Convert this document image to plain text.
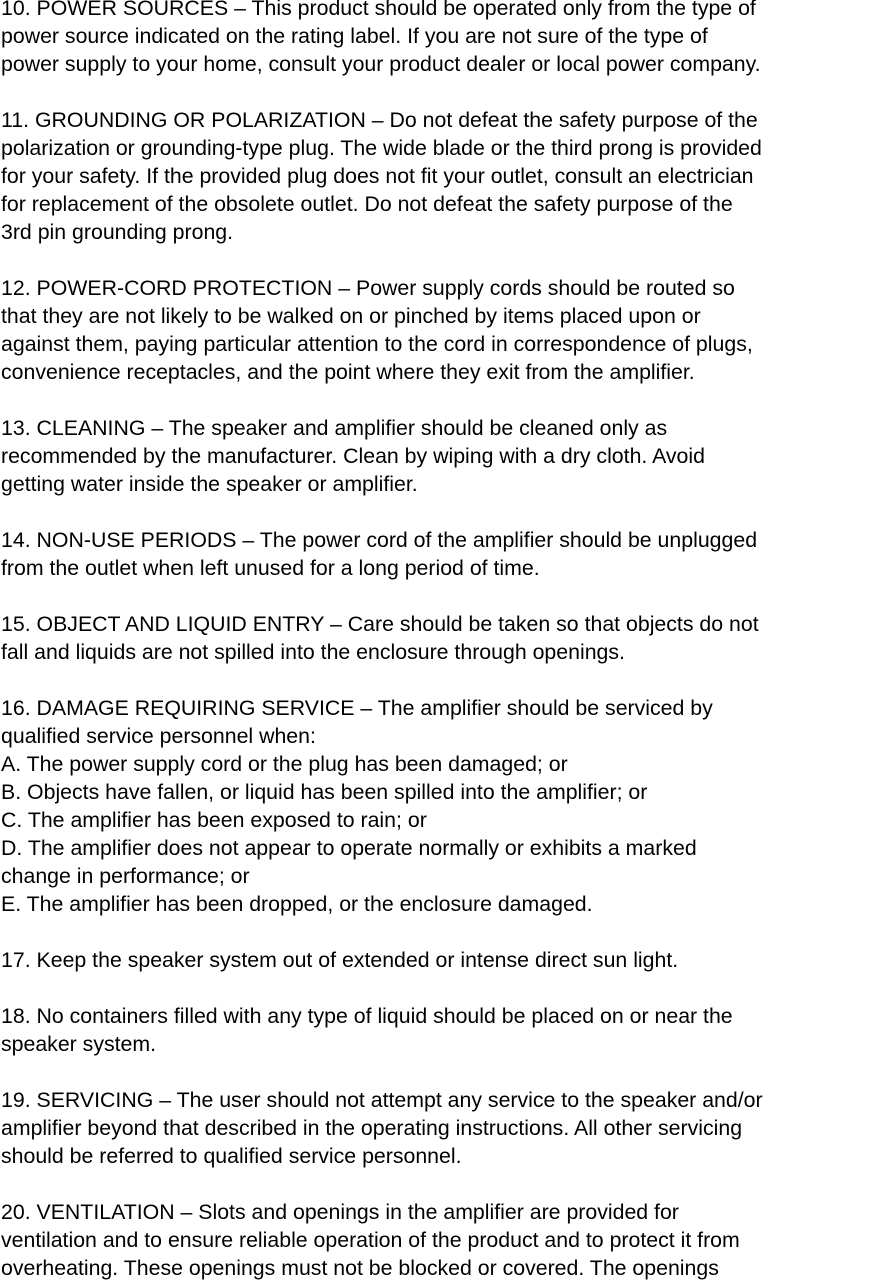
10. POWER SOURCES – This product should be operated only from the type of
power source indicated on the rating label. If you are not sure of the type of
power supply to your home, consult your product dealer or local power company.
11. GROUNDING OR POLARIZATION – Do not defeat the safety purpose of the
polarization or grounding-type plug. The wide blade or the third prong is provided
for your safety. If the provided plug does not fit your outlet, consult an electrician
for replacement of the obsolete outlet. Do not defeat the safety purpose of the
3rd pin grounding prong.
12. POWER-CORD PROTECTION – Power supply cords should be routed so
that they are not likely to be walked on or pinched by items placed upon or
against them, paying particular attention to the cord in correspondence of plugs,
convenience receptacles, and the point where they exit from the amplifier.
13. CLEANING – The speaker and amplifier should be cleaned only as
recommended by the manufacturer. Clean by wiping with a dry cloth. Avoid
getting water inside the speaker or amplifier.
14. NON-USE PERIODS – The power cord of the amplifier should be unplugged
from the outlet when left unused for a long period of time.
15. OBJECT AND LIQUID ENTRY – Care should be taken so that objects do not
fall and liquids are not spilled into the enclosure through openings.
16. DAMAGE REQUIRING SERVICE – The amplifier should be serviced by
qualified service personnel when:
A. The power supply cord or the plug has been damaged; or
B. Objects have fallen, or liquid has been spilled into the amplifier; or
C. The amplifier has been exposed to rain; or
D. The amplifier does not appear to operate normally or exhibits a marked
change in performance; or
E. The amplifier has been dropped, or the enclosure damaged.
17. Keep the speaker system out of extended or intense direct sun light.
18. No containers filled with any type of liquid should be placed on or near the
speaker system.
19. SERVICING – The user should not attempt any service to the speaker and/or
amplifier beyond that described in the operating instructions. All other servicing
should be referred to qualified service personnel.
20. VENTILATION – Slots and openings in the amplifier are provided for
ventilation and to ensure reliable operation of the product and to protect it from
overheating. These openings must not be blocked or covered. The openings
